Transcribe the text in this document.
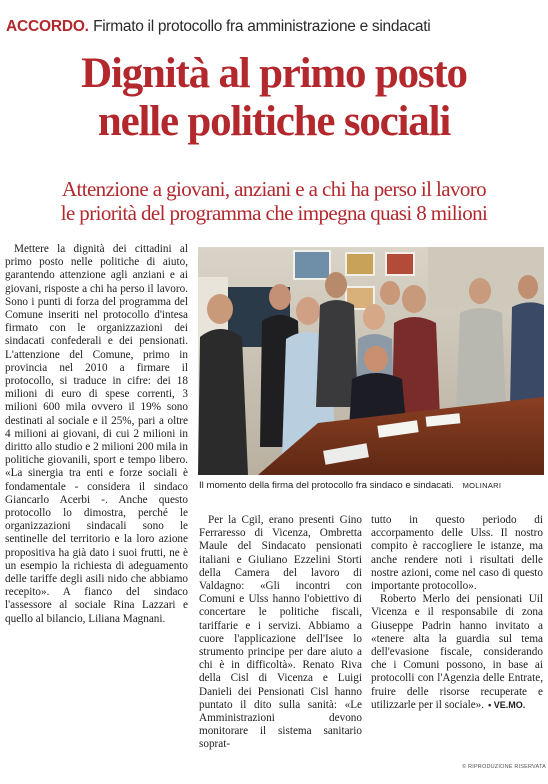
ACCORDO. Firmato il protocollo fra amministrazione e sindacati
Dignità al primo posto
nelle politiche sociali
Attenzione a giovani, anziani e a chi ha perso il lavoro
le priorità del programma che impegna quasi 8 milioni

Mettere la dignità dei cittadini al primo posto nelle politiche di aiuto, garantendo attenzione agli anziani e ai giovani, risposte a chi ha perso il lavoro. Sono i punti di forza del programma del Comune inseriti nel protocollo d'intesa firmato con le organizzazioni dei sindacati confederali e dei pensionati. L'attenzione del Comune, primo in provincia nel 2010 a firmare il protocollo, si traduce in cifre: dei 18 milioni di euro di spese correnti, 3 milioni 600 mila ovvero il 19% sono destinati al sociale e il 25%, pari a oltre 4 milioni ai giovani, di cui 2 milioni in diritto allo studio e 2 milioni 200 mila in politiche giovanili, sport e tempo libero. «La sinergia tra enti e forze sociali è fondamentale - considera il sindaco Giancarlo Acerbi -. Anche questo protocollo lo dimostra, perché le organizzazioni sindacali sono le sentinelle del territorio e la loro azione propositiva ha già dato i suoi frutti, ne è un esempio la richiesta di adeguamento delle tariffe degli asili nido che abbiamo recepito». A fianco del sindaco l'assessore al sociale Rina Lazzari e quello al bilancio, Liliana Magnani.

Il momento della firma del protocollo fra sindaco e sindacati. MOLINARI

Per la Cgil, erano presenti Gino Ferraresso di Vicenza, Ombretta Maule del Sindacato pensionati italiani e Giuliano Ezzelini Storti della Camera del lavoro di Valdagno: «Gli incontri con Comuni e Ulss hanno l'obiettivo di concertare le politiche fiscali, tariffarie e i servizi. Abbiamo a cuore l'applicazione dell'Isee lo strumento principe per dare aiuto a chi è in difficoltà». Renato Riva della Cisl di Vicenza e Luigi Danieli dei Pensionati Cisl hanno puntato il dito sulla sanità: «Le Amministrazioni devono monitorare il sistema sanitario soprat-

tutto in questo periodo di accorpamento delle Ulss. Il nostro compito è raccogliere le istanze, ma anche rendere noti i risultati delle nostre azioni, come nel caso di questo importante protocollo».

Roberto Merlo dei pensionati Uil Vicenza e il responsabile di zona Giuseppe Padrin hanno invitato a «tenere alta la guardia sul tema dell'evasione fiscale, considerando che i Comuni possono, in base ai protocolli con l'Agenzia delle Entrate, fruire delle risorse recuperate e utilizzarle per il sociale». • VE.MO.

© RIPRODUZIONE RISERVATA
